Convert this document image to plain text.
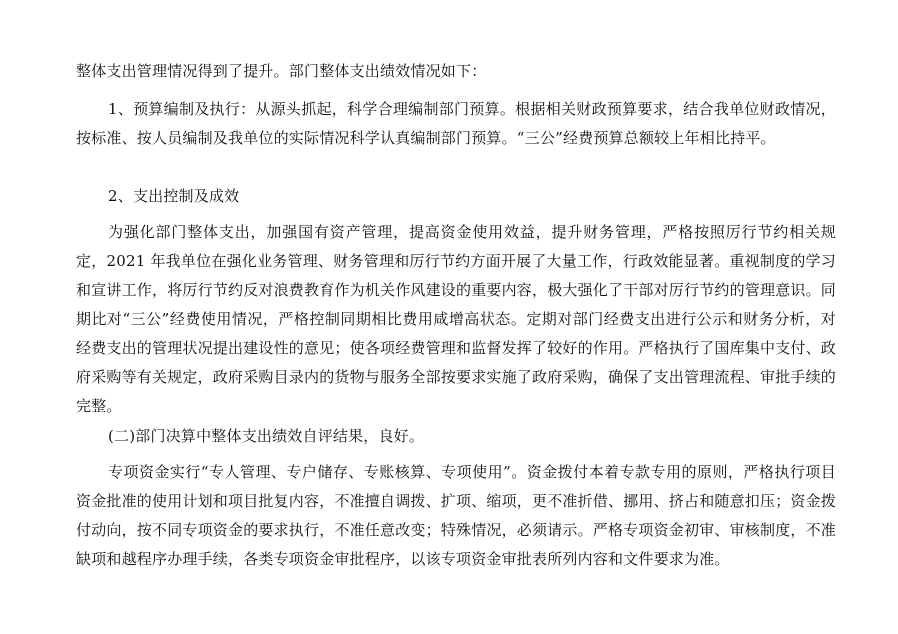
整体支出管理情况得到了提升。部门整体支出绩效情况如下：

1、预算编制及执行：从源头抓起，科学合理编制部门预算。根据相关财政预算要求，结合我单位财政情况，按标准、按人员编制及我单位的实际情况科学认真编制部门预算。“三公”经费预算总额较上年相比持平。

2、支出控制及成效

为强化部门整体支出，加强国有资产管理，提高资金使用效益，提升财务管理，严格按照厉行节约相关规定，2021 年我单位在强化业务管理、财务管理和厉行节约方面开展了大量工作，行政效能显著。重视制度的学习和宣讲工作，将厉行节约反对浪费教育作为机关作风建设的重要内容，极大强化了干部对厉行节约的管理意识。同期比对“三公”经费使用情况，严格控制同期相比费用咸增高状态。定期对部门经费支出进行公示和财务分析，对经费支出的管理状况提出建设性的意见；使各项经费管理和监督发挥了较好的作用。严格执行了国库集中支付、政府采购等有关规定，政府采购目录内的货物与服务全部按要求实施了政府采购，确保了支出管理流程、审批手续的完整。

(二)部门决算中整体支出绩效自评结果，良好。

专项资金实行“专人管理、专户储存、专账核算、专项使用”。资金拨付本着专款专用的原则，严格执行项目资金批准的使用计划和项目批复内容，不准擅自调拨、扩项、缩项，更不准折借、挪用、挤占和随意扣压；资金拨付动向，按不同专项资金的要求执行，不准任意改变；特殊情况，必须请示。严格专项资金初审、审核制度，不准缺项和越程序办理手续，各类专项资金审批程序，以该专项资金审批表所列内容和文件要求为准。
